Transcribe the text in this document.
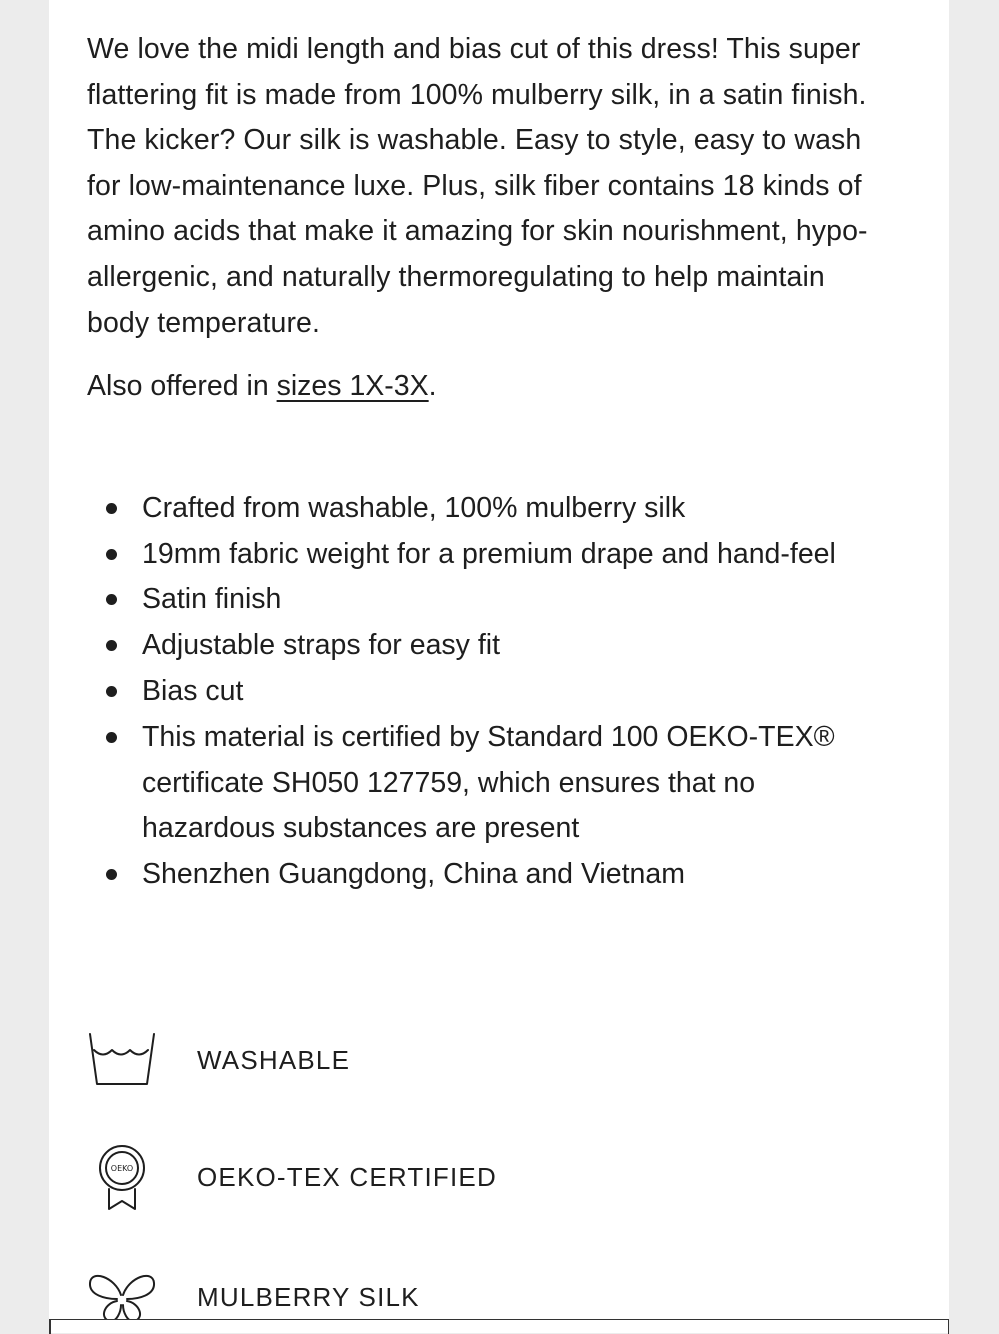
We love the midi length and bias cut of this dress! This super flattering fit is made from 100% mulberry silk, in a satin finish. The kicker? Our silk is washable. Easy to style, easy to wash for low-maintenance luxe. Plus, silk fiber contains 18 kinds of amino acids that make it amazing for skin nourishment, hypo-allergenic, and naturally thermoregulating to help maintain body temperature.

Also offered in sizes 1X-3X.

Crafted from washable, 100% mulberry silk
19mm fabric weight for a premium drape and hand-feel
Satin finish
Adjustable straps for easy fit
Bias cut
This material is certified by Standard 100 OEKO-TEX® certificate SH050 127759, which ensures that no hazardous substances are present
Shenzhen Guangdong, China and Vietnam
WASHABLE
OEKO OEKO-TEX CERTIFIED
MULBERRY SILK
